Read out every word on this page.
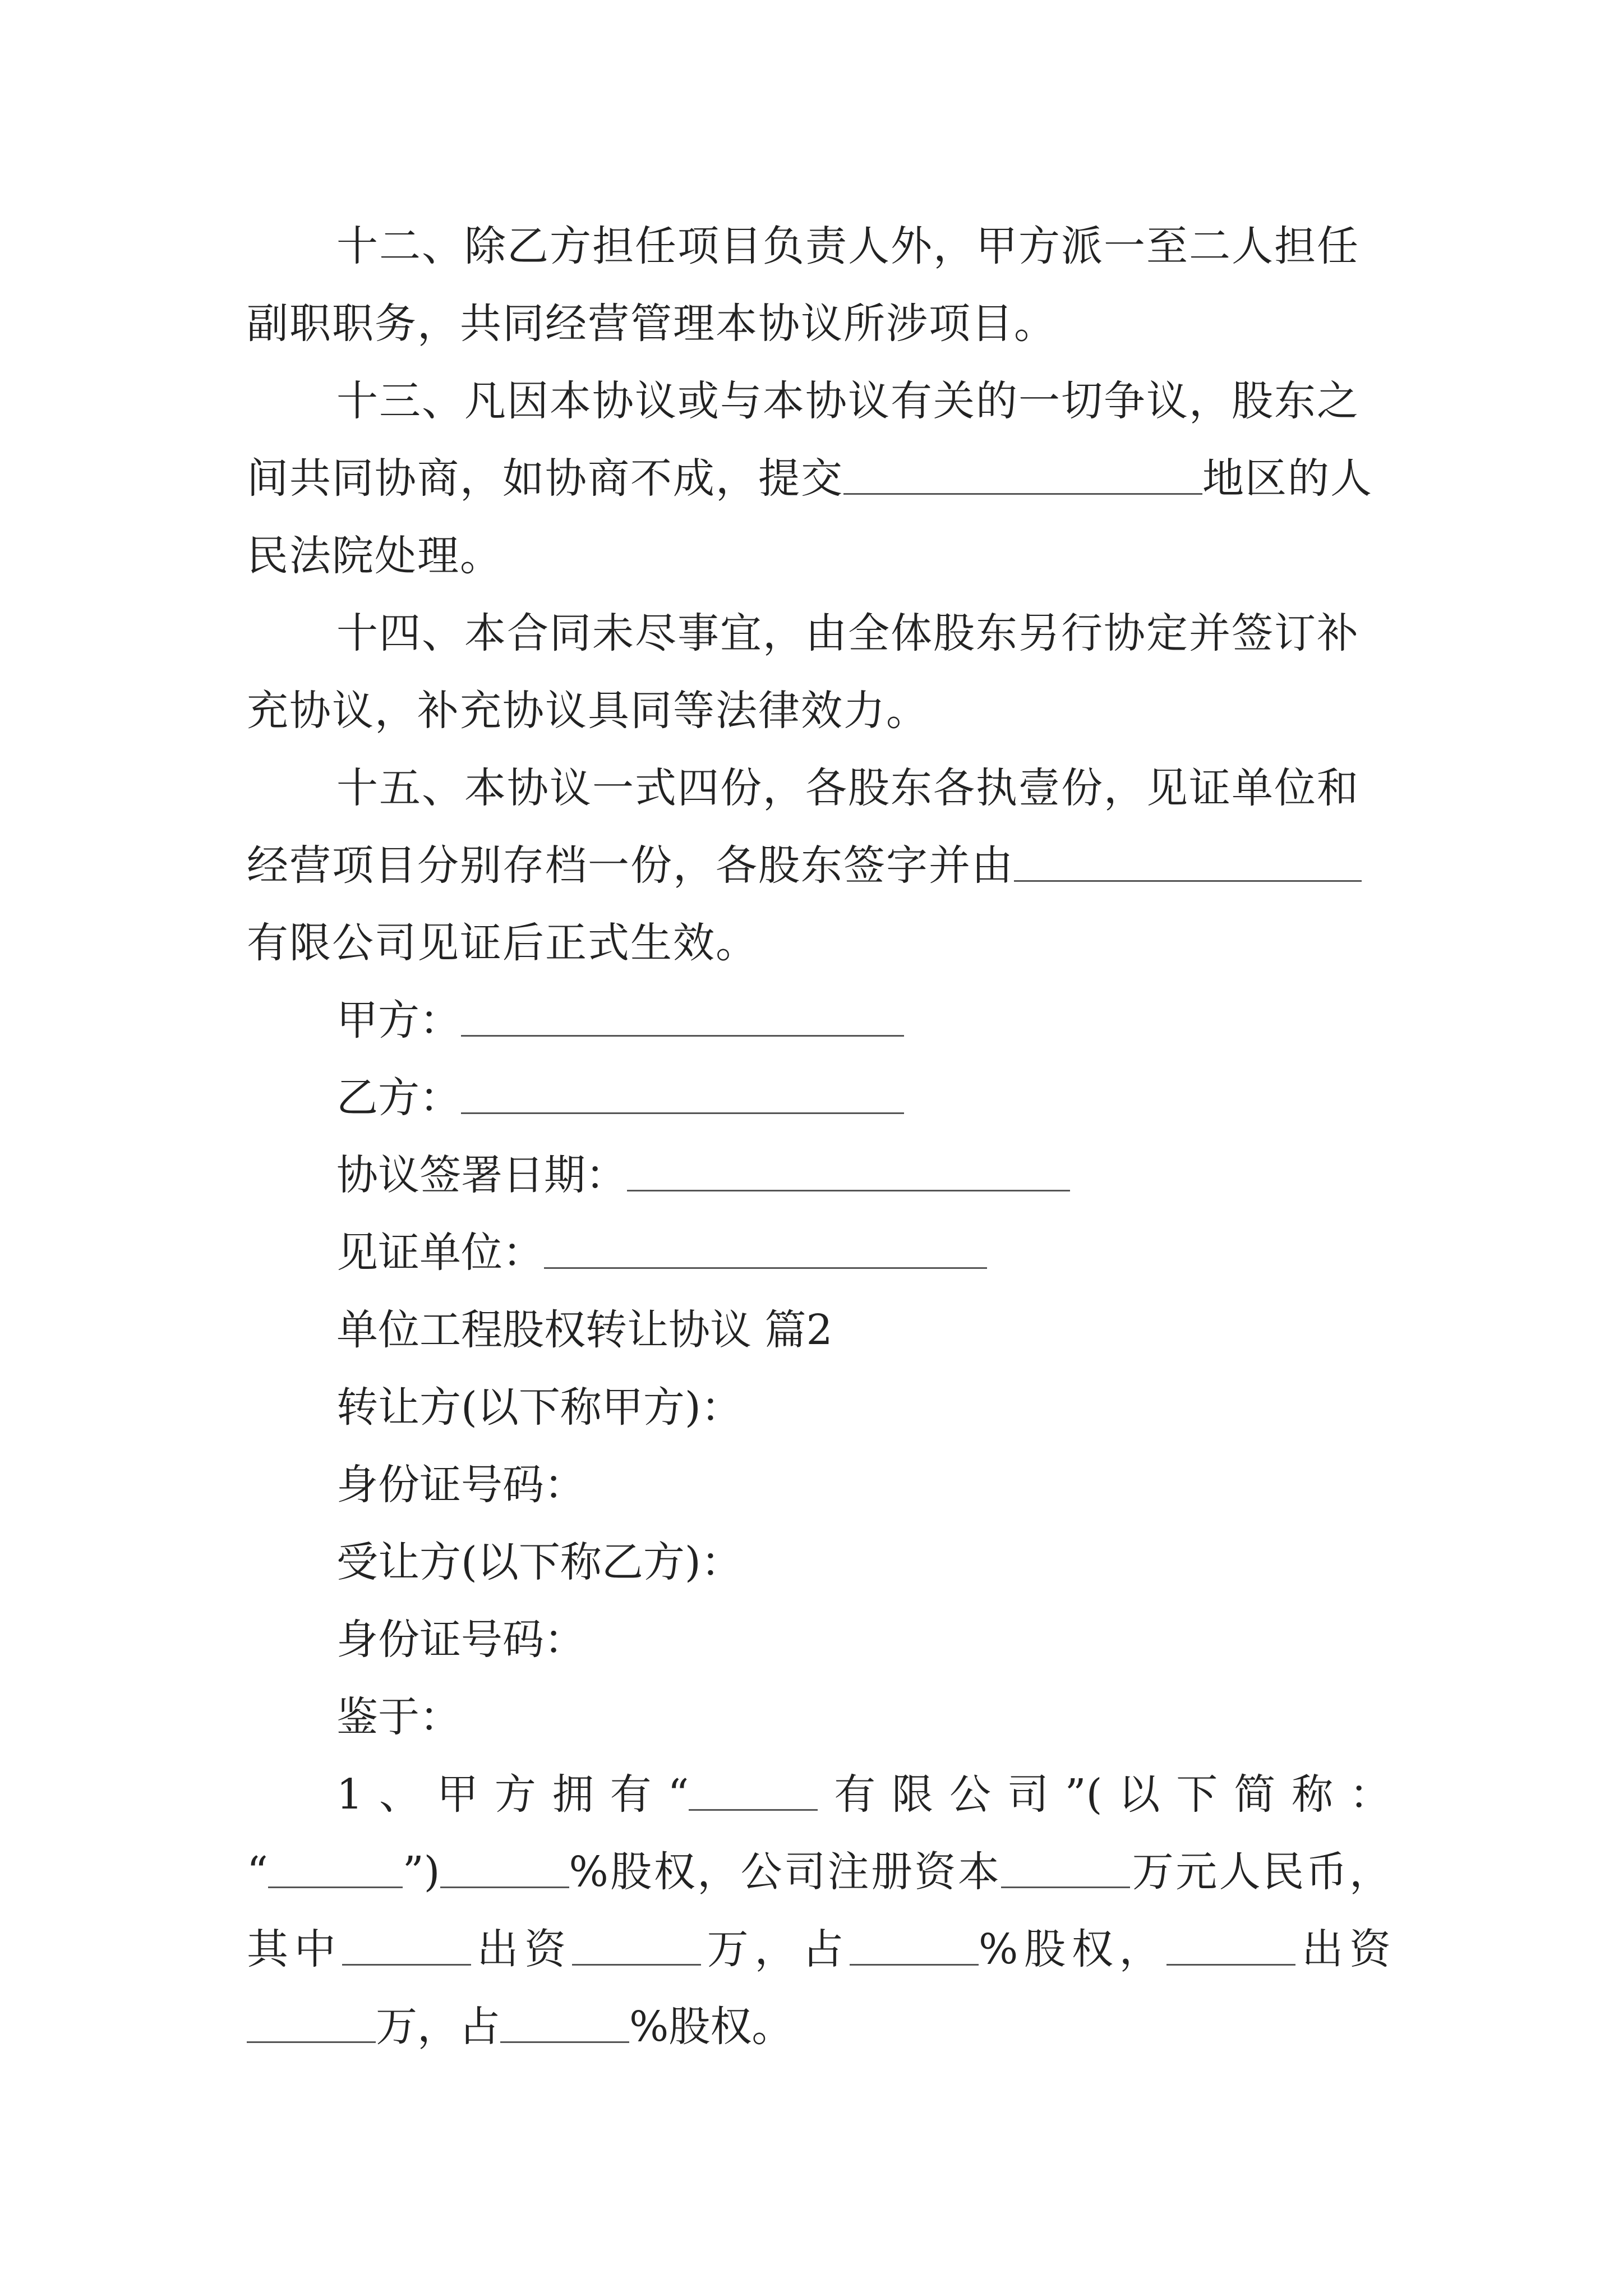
十二、除乙方担任项目负责人外，甲方派一至二人担任副职职务，共同经营管理本协议所涉项目。

十三、凡因本协议或与本协议有关的一切争议，股东之间共同协商，如协商不成，提交	地区的人民法院处理。

十四、本合同未尽事宜，由全体股东另行协定并签订补充协议，补充协议具同等法律效力。

十五、本协议一式四份，各股东各执壹份，见证单位和经营项目分别存档一份，各股东签字并由有限公司见证后正式生效。

甲方：

乙方：

协议签署日期：

见证单位：

单位工程股权转让协议 篇2

转让方(以下称甲方)：

身份证号码：

受让方(以下称乙方)：

身份证号码：

鉴于：

1、甲方拥有“	有限公司”(以下简称：

“	”)	%股权，公司注册资本	万元人民币，

其中	出资	万，占	%股权，	出资

万，占	%股权。
